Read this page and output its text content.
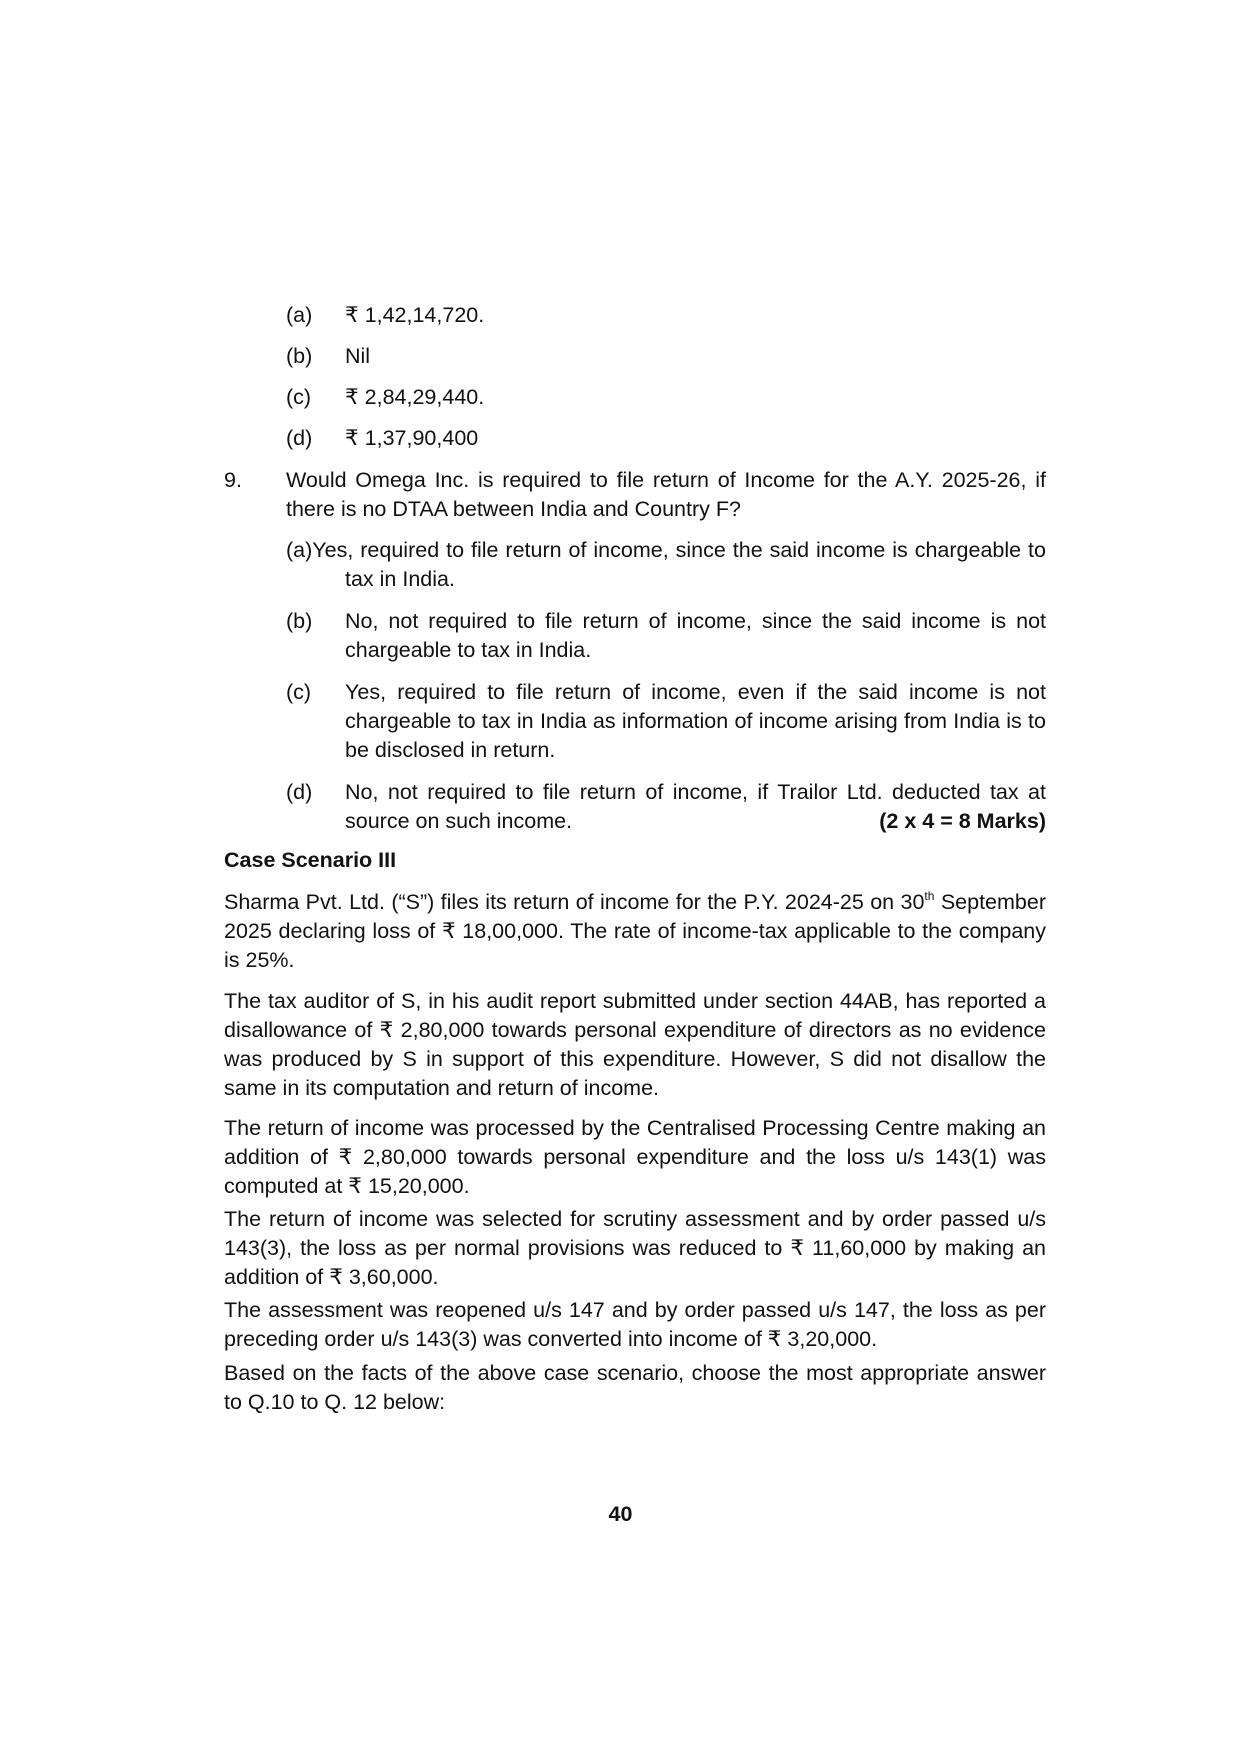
(a) ₹ 1,42,14,720.
(b) Nil
(c) ₹ 2,84,29,440.
(d) ₹ 1,37,90,400
9. Would Omega Inc. is required to file return of Income for the A.Y. 2025-26, if there is no DTAA between India and Country F?
(a)Yes, required to file return of income, since the said income is chargeable to tax in India.
(b) No, not required to file return of income, since the said income is not chargeable to tax in India.
(c) Yes, required to file return of income, even if the said income is not chargeable to tax in India as information of income arising from India is to be disclosed in return.
(d) No, not required to file return of income, if Trailor Ltd. deducted tax at source on such income.	(2 x 4 = 8 Marks)
Case Scenario III
Sharma Pvt. Ltd. (“S”) files its return of income for the P.Y. 2024-25 on 30th September 2025 declaring loss of ₹ 18,00,000. The rate of income-tax applicable to the company is 25%.
The tax auditor of S, in his audit report submitted under section 44AB, has reported a disallowance of ₹ 2,80,000 towards personal expenditure of directors as no evidence was produced by S in support of this expenditure. However, S did not disallow the same in its computation and return of income.
The return of income was processed by the Centralised Processing Centre making an addition of ₹ 2,80,000 towards personal expenditure and the loss u/s 143(1) was computed at ₹ 15,20,000.
The return of income was selected for scrutiny assessment and by order passed u/s 143(3), the loss as per normal provisions was reduced to ₹ 11,60,000 by making an addition of ₹ 3,60,000.
The assessment was reopened u/s 147 and by order passed u/s 147, the loss as per preceding order u/s 143(3) was converted into income of ₹ 3,20,000.
Based on the facts of the above case scenario, choose the most appropriate answer to Q.10 to Q. 12 below:
40
